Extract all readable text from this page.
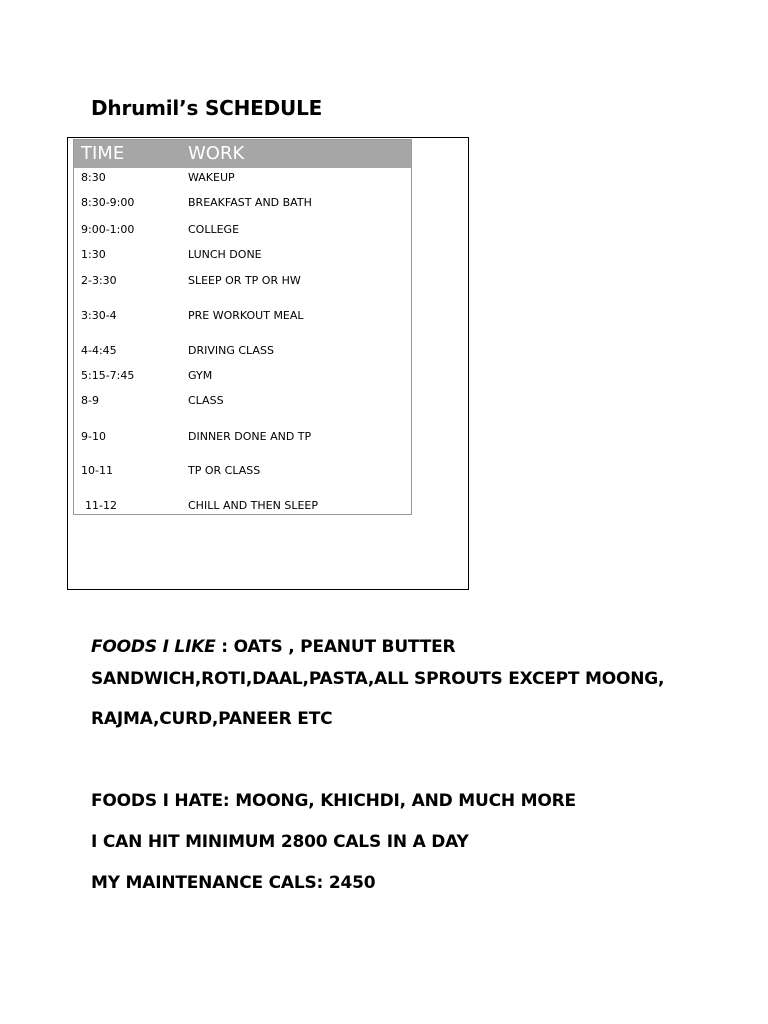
Dhrumil’s SCHEDULE
TIME	WORK
8:30	WAKEUP
8:30-9:00	BREAKFAST AND BATH
9:00-1:00	COLLEGE
1:30	LUNCH DONE
2-3:30	SLEEP OR TP OR HW
3:30-4	PRE WORKOUT MEAL
4-4:45	DRIVING CLASS
5:15-7:45	GYM
8-9	CLASS
9-10	DINNER DONE AND TP
10-11	TP OR CLASS
11-12	CHILL AND THEN SLEEP
FOODS I LIKE : OATS , PEANUT BUTTER
SANDWICH,ROTI,DAAL,PASTA,ALL SPROUTS EXCEPT MOONG,
RAJMA,CURD,PANEER ETC
FOODS I HATE: MOONG, KHICHDI, AND MUCH MORE
I CAN HIT MINIMUM 2800 CALS IN A DAY
MY MAINTENANCE CALS: 2450
